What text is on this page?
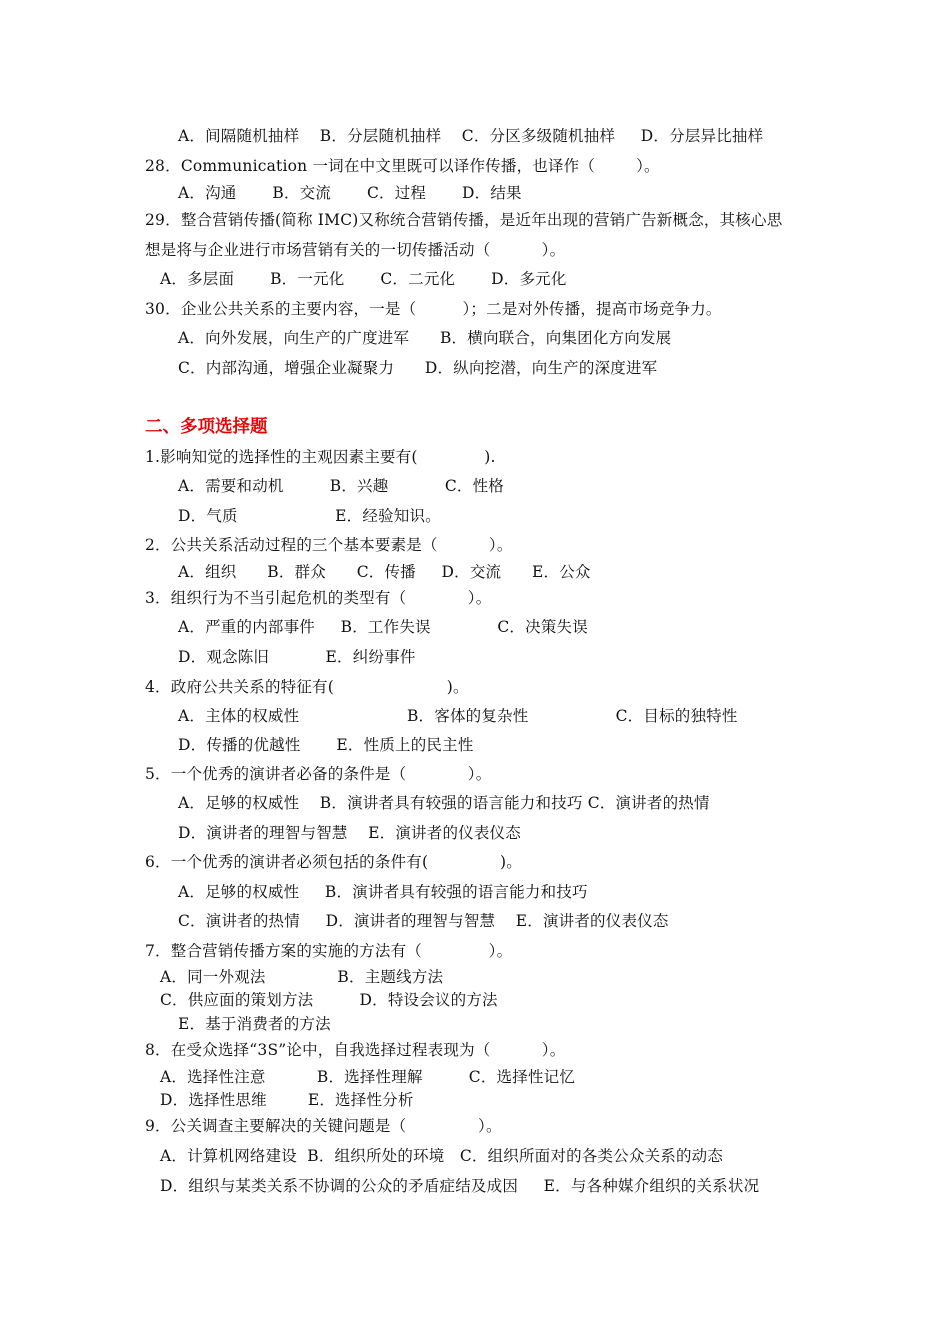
A．间隔随机抽样    B．分层随机抽样    C．分区多级随机抽样     D．分层异比抽样
28．Communication 一词在中文里既可以译作传播，也译作（        ）。
A．沟通       B．交流       C．过程       D．结果
29．整合营销传播(简称 IMC)又称统合营销传播，是近年出现的营销广告新概念，其核心思
想是将与企业进行市场营销有关的一切传播活动（          ）。
A．多层面       B．一元化       C．二元化       D．多元化
30．企业公共关系的主要内容，一是（         ）；二是对外传播，提高市场竞争力。
A．向外发展，向生产的广度进军      B．横向联合，向集团化方向发展
C．内部沟通，增强企业凝聚力      D．纵向挖潜，向生产的深度进军
二、多项选择题
1.影响知觉的选择性的主观因素主要有(             ).
A．需要和动机         B．兴趣           C．性格
D．气质                   E．经验知识。
2．公共关系活动过程的三个基本要素是（          ）。
A．组织      B．群众      C．传播     D．交流      E．公众
3．组织行为不当引起危机的类型有（            ）。
A．严重的内部事件     B．工作失误             C．决策失误
D．观念陈旧           E．纠纷事件
4．政府公共关系的特征有(                      )。
A．主体的权威性                     B．客体的复杂性                 C．目标的独特性
D．传播的优越性       E．性质上的民主性
5．一个优秀的演讲者必备的条件是（            ）。
A．足够的权威性    B．演讲者具有较强的语言能力和技巧 C．演讲者的热情
D．演讲者的理智与智慧    E．演讲者的仪表仪态
6．一个优秀的演讲者必须包括的条件有(              )。
A．足够的权威性     B．演讲者具有较强的语言能力和技巧
C．演讲者的热情     D．演讲者的理智与智慧    E．演讲者的仪表仪态
7．整合营销传播方案的实施的方法有（             ）。
A．同一外观法              B．主题线方法
C．供应面的策划方法         D．特设会议的方法
E．基于消费者的方法
8．在受众选择“3S”论中，自我选择过程表现为（          ）。
A．选择性注意          B．选择性理解         C．选择性记忆
D．选择性思维        E．选择性分析
9．公关调查主要解决的关键问题是（              ）。
A．计算机网络建设  B．组织所处的环境   C．组织所面对的各类公众关系的动态
D．组织与某类关系不协调的公众的矛盾症结及成因     E．与各种媒介组织的关系状况
